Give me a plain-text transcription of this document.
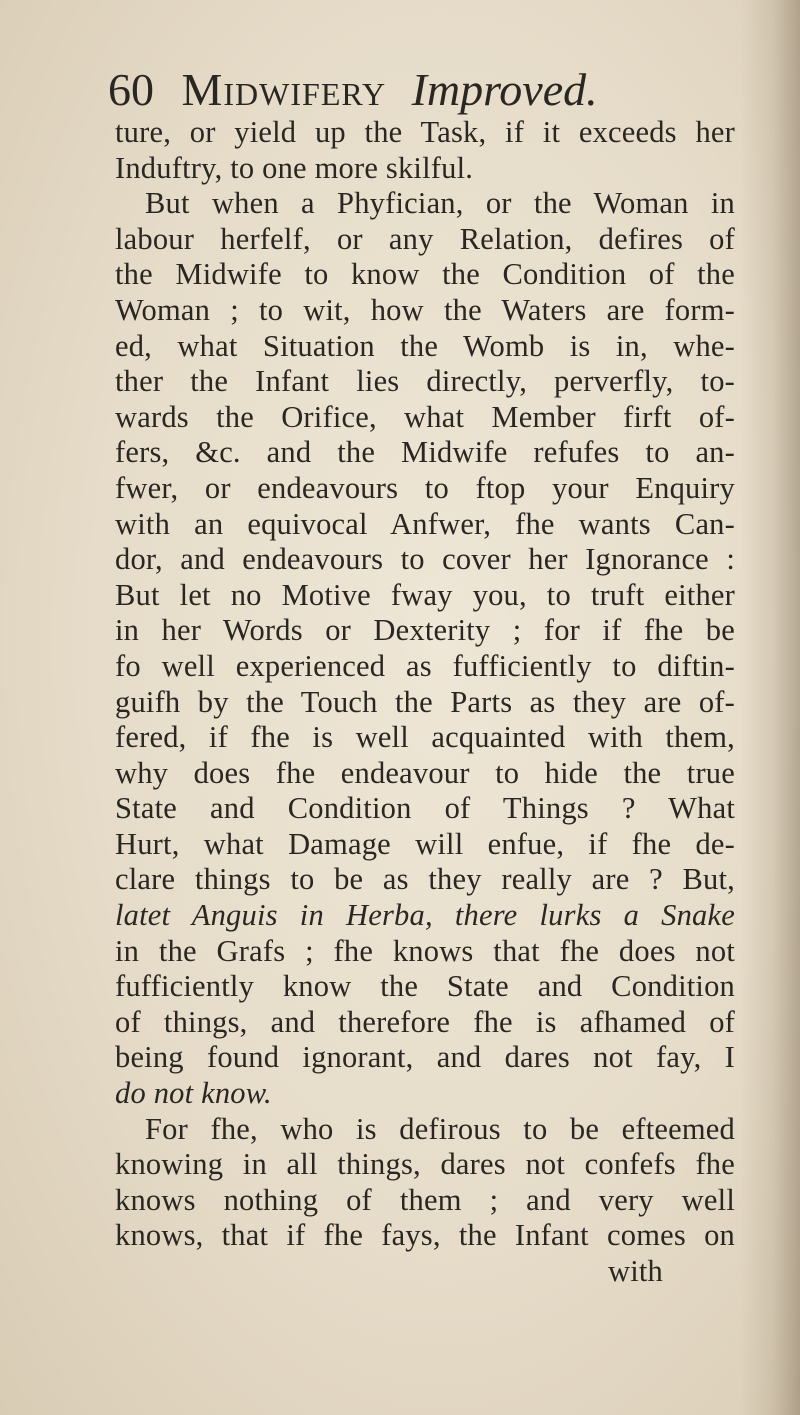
60 Midwifery Improved.
ture, or yield up the Task, if it exceeds her
Induftry, to one more skilful.
But when a Phyfician, or the Woman in
labour herfelf, or any Relation, defires of
the Midwife to know the Condition of the
Woman ; to wit, how the Waters are form-
ed, what Situation the Womb is in, whe-
ther the Infant lies directly, perverfly, to-
wards the Orifice, what Member firft of-
fers, &c. and the Midwife refufes to an-
fwer, or endeavours to ftop your Enquiry
with an equivocal Anfwer, fhe wants Can-
dor, and endeavours to cover her Ignorance :
But let no Motive fway you, to truft either
in her Words or Dexterity ; for if fhe be
fo well experienced as fufficiently to diftin-
guifh by the Touch the Parts as they are of-
fered, if fhe is well acquainted with them,
why does fhe endeavour to hide the true
State and Condition of Things ? What
Hurt, what Damage will enfue, if fhe de-
clare things to be as they really are ? But,
latet Anguis in Herba, there lurks a Snake
in the Grafs ; fhe knows that fhe does not
fufficiently know the State and Condition
of things, and therefore fhe is afhamed of
being found ignorant, and dares not fay, I
do not know.
For fhe, who is defirous to be efteemed
knowing in all things, dares not confefs fhe
knows nothing of them ; and very well
knows, that if fhe fays, the Infant comes on
with
